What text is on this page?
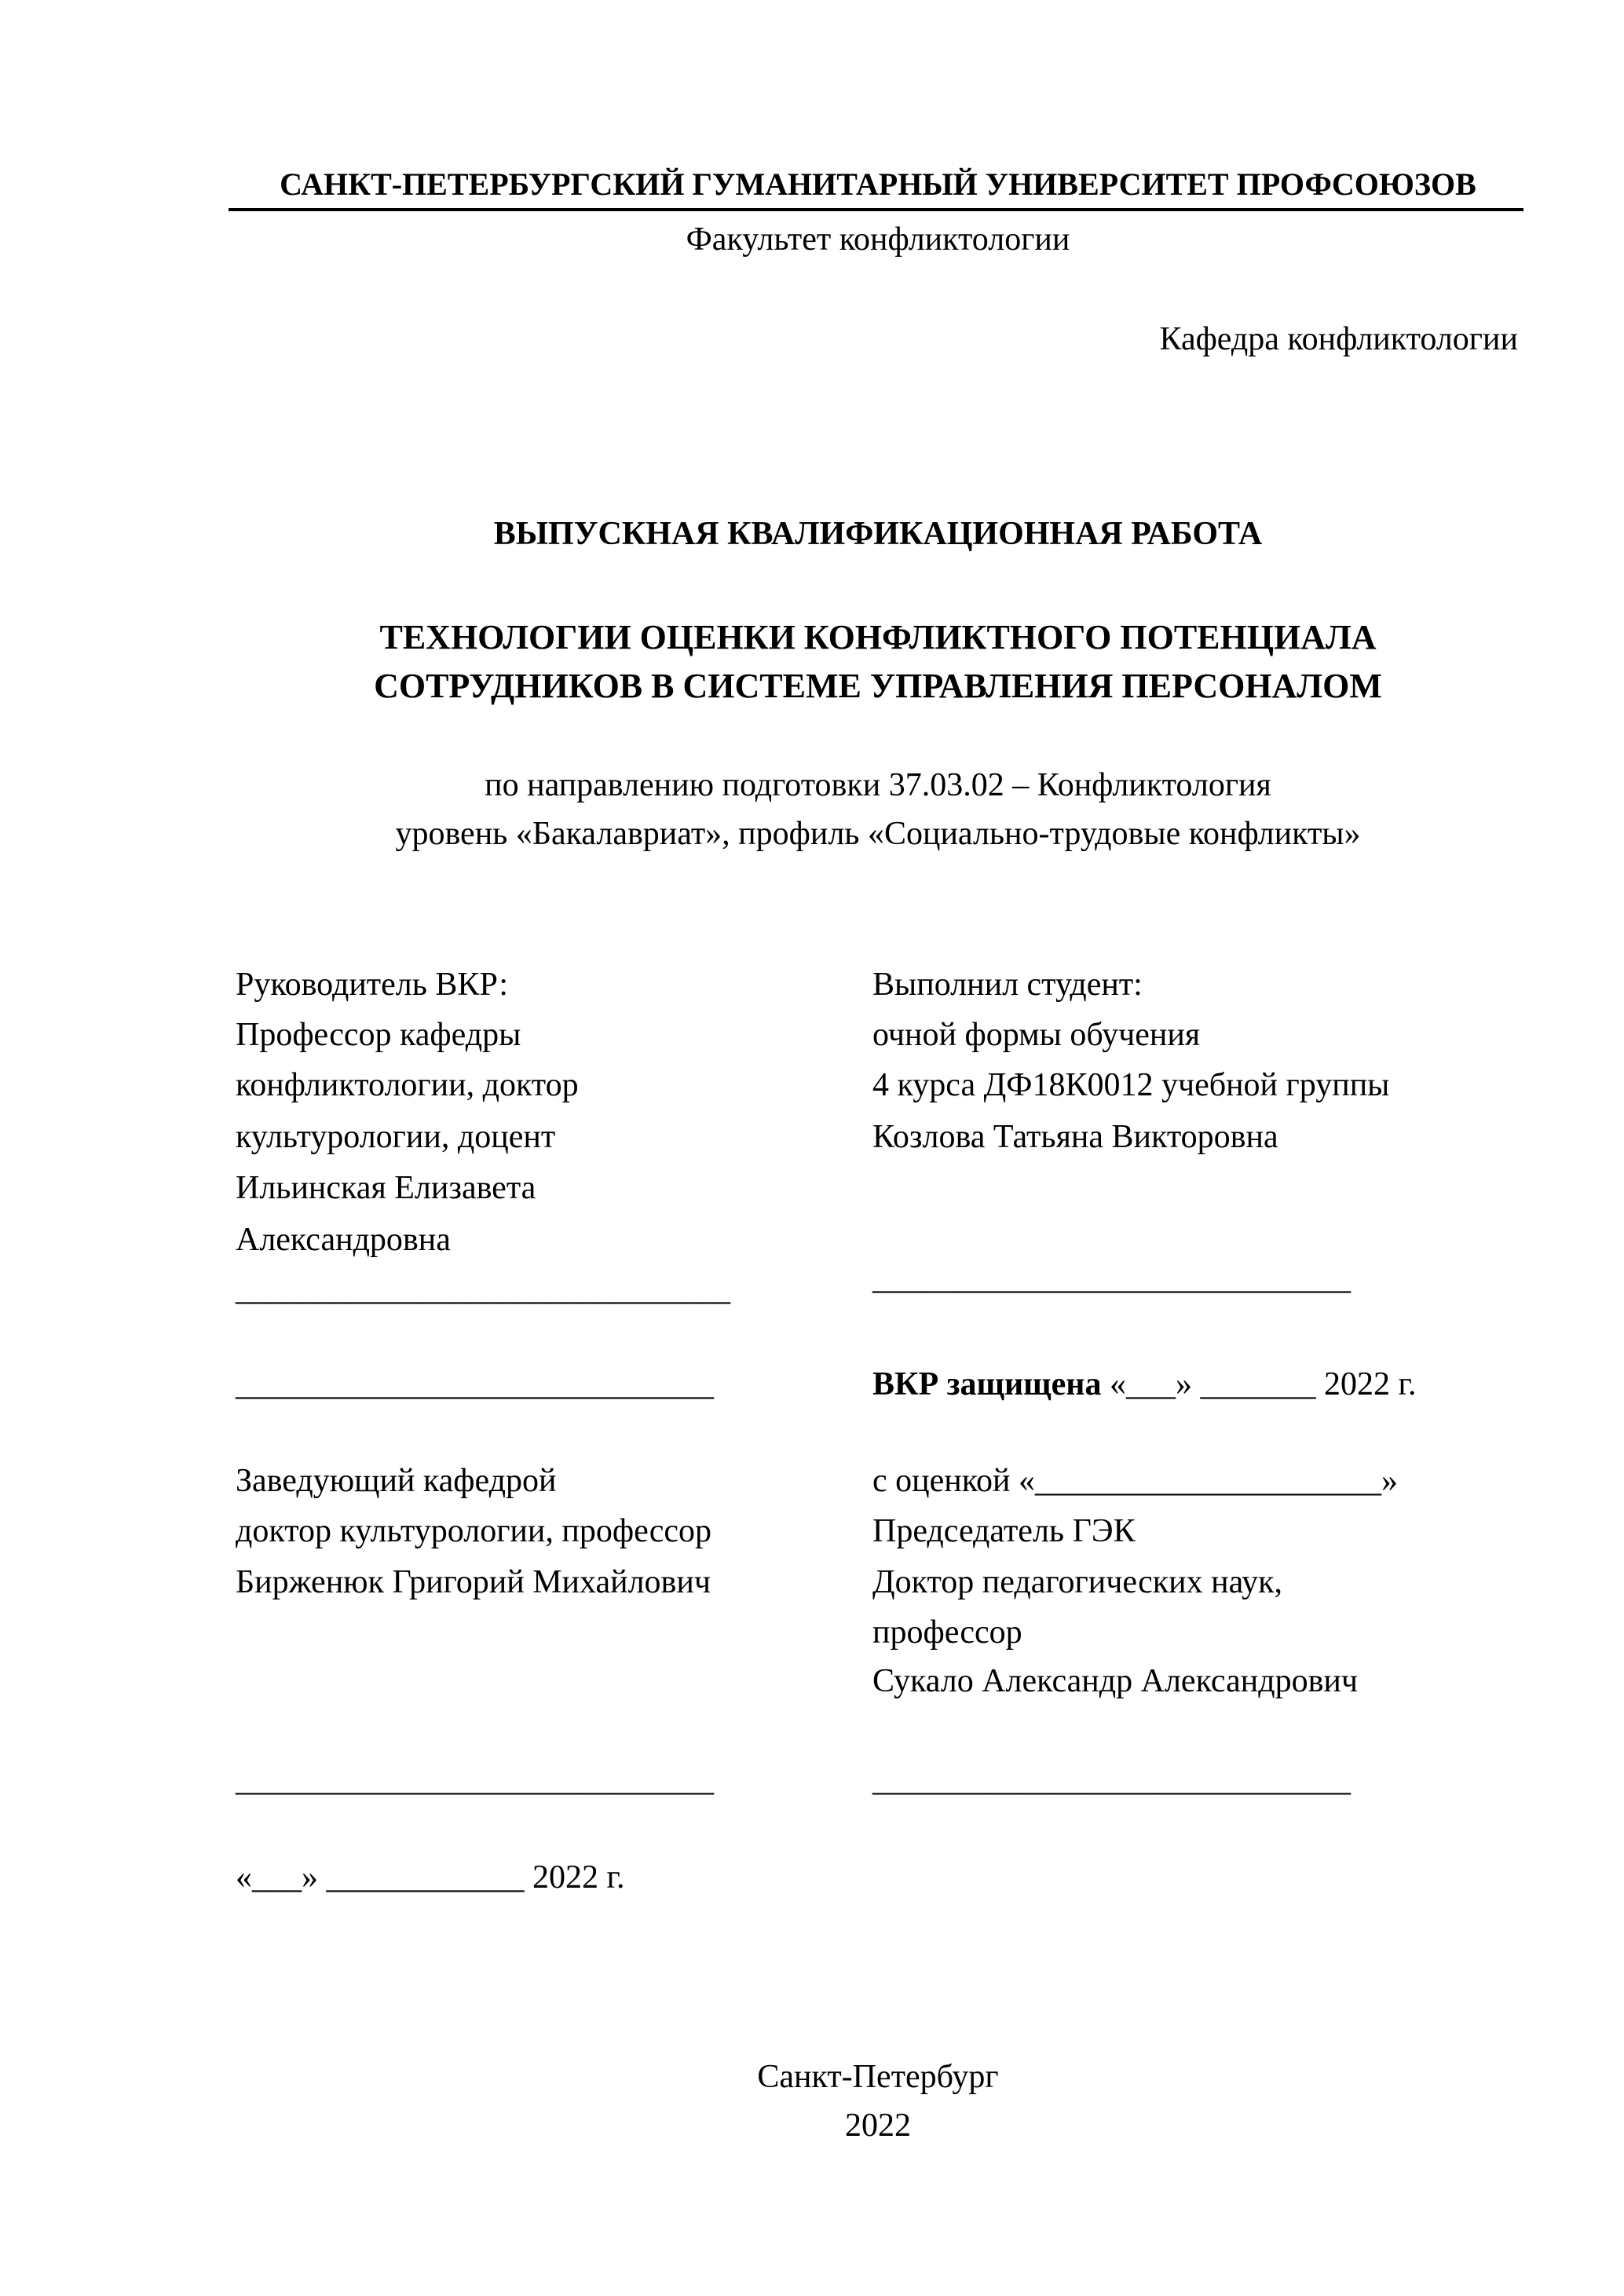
САНКТ-ПЕТЕРБУРГСКИЙ ГУМАНИТАРНЫЙ УНИВЕРСИТЕТ ПРОФСОЮЗОВ
Факультет конфликтологии
Кафедра конфликтологии
ВЫПУСКНАЯ КВАЛИФИКАЦИОННАЯ РАБОТА
ТЕХНОЛОГИИ ОЦЕНКИ КОНФЛИКТНОГО ПОТЕНЦИАЛА
СОТРУДНИКОВ В СИСТЕМЕ УПРАВЛЕНИЯ ПЕРСОНАЛОМ
по направлению подготовки 37.03.02 – Конфликтология
уровень «Бакалавриат», профиль «Социально-трудовые конфликты»
Руководитель ВКР:
Профессор кафедры
конфликтологии, доктор
культурологии, доцент
Ильинская Елизавета
Александровна
______________________________
_____________________________
Выполнил студент:
очной формы обучения
4 курса ДФ18К0012 учебной группы
Козлова Татьяна Викторовна
_____________________________
ВКР защищена «___» _______ 2022 г.
с оценкой «_____________________»
Председатель ГЭК
Доктор педагогических наук,
профессор
Сукало Александр Александрович
_____________________________
Заведующий кафедрой
доктор культурологии, профессор
Бирженюк Григорий Михайлович
_____________________________
«___» ____________ 2022 г.
Санкт-Петербург
2022
